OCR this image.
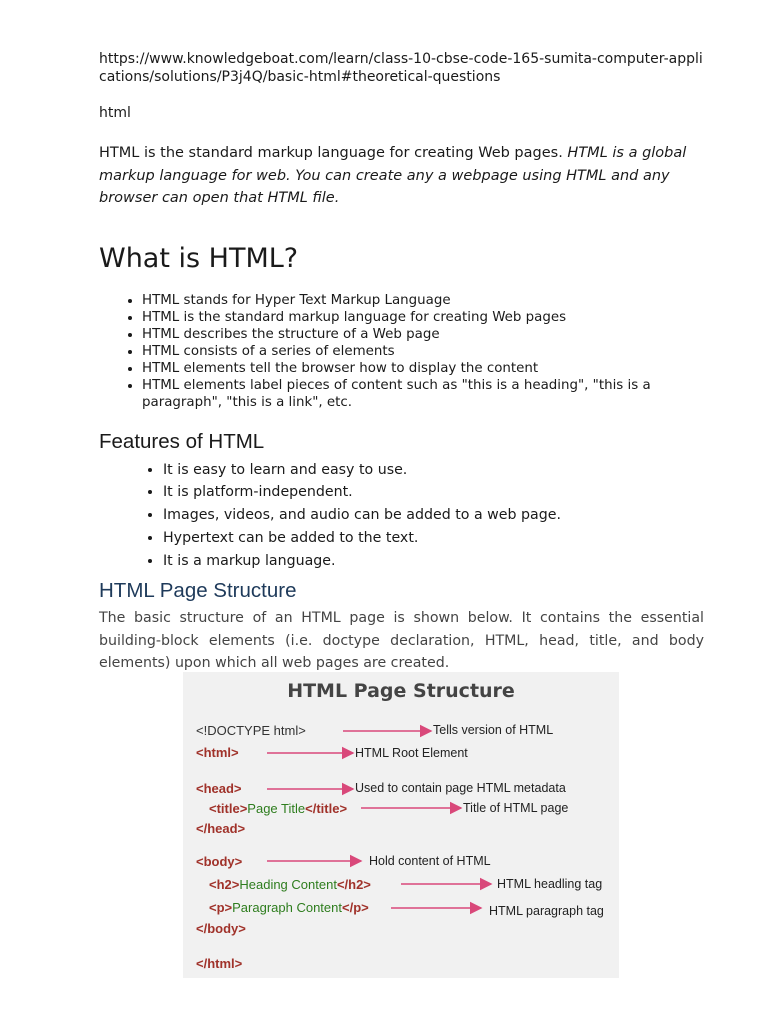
https://www.knowledgeboat.com/learn/class-10-cbse-code-165-sumita-computer-applications/solutions/P3j4Q/basic-html#theoretical-questions

html

HTML is the standard markup language for creating Web pages. HTML is a global markup language for web. You can create any a webpage using HTML and any browser can open that HTML file.

What is HTML?
• HTML stands for Hyper Text Markup Language
• HTML is the standard markup language for creating Web pages
• HTML describes the structure of a Web page
• HTML consists of a series of elements
• HTML elements tell the browser how to display the content
• HTML elements label pieces of content such as "this is a heading", "this is a paragraph", "this is a link", etc.
Features of HTML
• It is easy to learn and easy to use.
• It is platform-independent.
• Images, videos, and audio can be added to a web page.
• Hypertext can be added to the text.
• It is a markup language.
HTML Page Structure

The basic structure of an HTML page is shown below. It contains the essential building-block elements (i.e. doctype declaration, HTML, head, title, and body elements) upon which all web pages are created.

HTML Page Structure
<!DOCTYPE html>
<html>
<head>
<title>Page Title</title>
</head>
<body>
<h2>Heading Content</h2>
<p>Paragraph Content</p>
</body>
</html>
Tells version of HTML
HTML Root Element
Used to contain page HTML metadata
Title of HTML page
Hold content of HTML
HTML headling tag
HTML paragraph tag
